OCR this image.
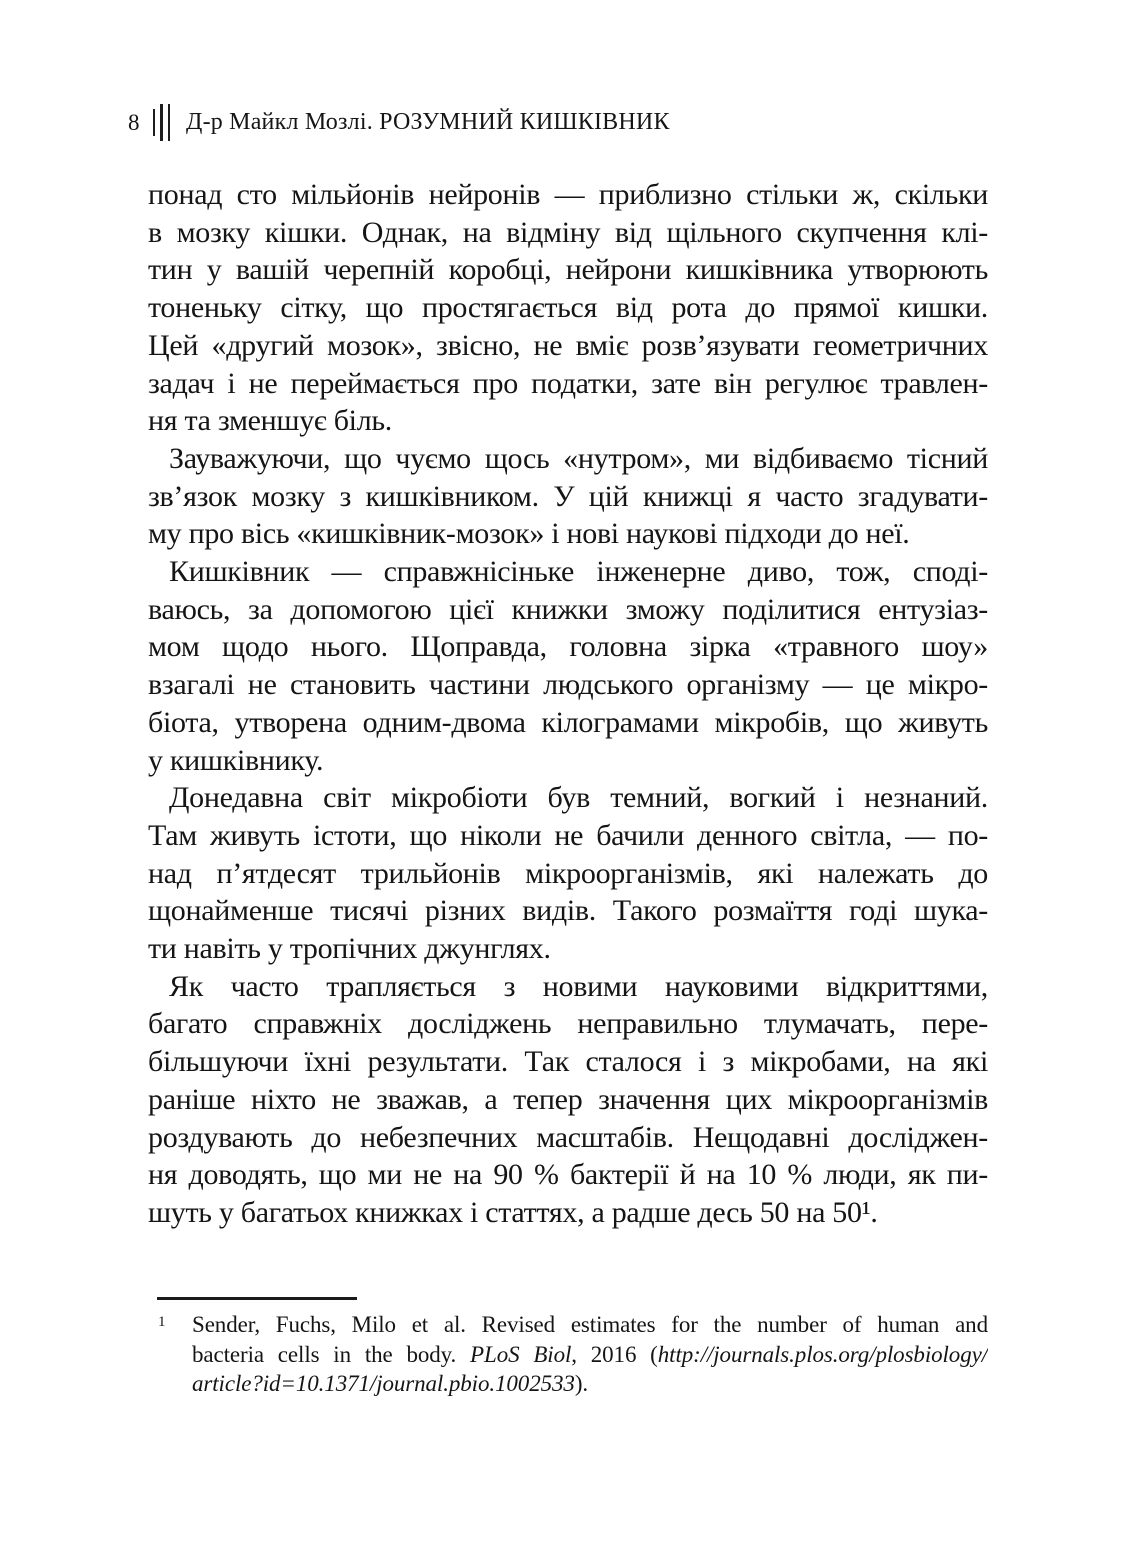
8 Д-р Майкл Мозлі. РОЗУМНИЙ КИШКІВНИК
понад сто мільйонів нейронів — приблизно стільки ж, скільки
в мозку кішки. Однак, на відміну від щільного скупчення клі-
тин у вашій черепній коробці, нейрони кишківника утворюють
тоненьку сітку, що простягається від рота до прямої кишки.
Цей «другий мозок», звісно, не вміє розв’язувати геометричних
задач і не переймається про податки, зате він регулює травлен-
ня та зменшує біль.
Зауважуючи, що чуємо щось «нутром», ми відбиваємо тісний
зв’язок мозку з кишківником. У цій книжці я часто згадувати-
му про вісь «кишківник-мозок» і нові наукові підходи до неї.
Кишківник — справжнісіньке інженерне диво, тож, споді-
ваюсь, за допомогою цієї книжки зможу поділитися ентузіаз-
мом щодо нього. Щоправда, головна зірка «травного шоу»
взагалі не становить частини людського організму — це мікро-
біота, утворена одним-двома кілограмами мікробів, що живуть
у кишківнику.
Донедавна світ мікробіоти був темний, вогкий і незнаний.
Там живуть істоти, що ніколи не бачили денного світла, — по-
над п’ятдесят трильйонів мікроорганізмів, які належать до
щонайменше тисячі різних видів. Такого розмаїття годі шука-
ти навіть у тропічних джунглях.
Як часто трапляється з новими науковими відкриттями,
багато справжніх досліджень неправильно тлумачать, пере-
більшуючи їхні результати. Так сталося і з мікробами, на які
раніше ніхто не зважав, а тепер значення цих мікроорганізмів
роздувають до небезпечних масштабів. Нещодавні досліджен-
ня доводять, що ми не на 90 % бактерії й на 10 % люди, як пи-
шуть у багатьох книжках і статтях, а радше десь 50 на 50¹.
1 Sender, Fuchs, Milo et al. Revised estimates for the number of human and
bacteria cells in the body. PLoS Biol, 2016 (http://journals.plos.org/plosbiology/
article?id=10.1371/journal.pbio.1002533).
